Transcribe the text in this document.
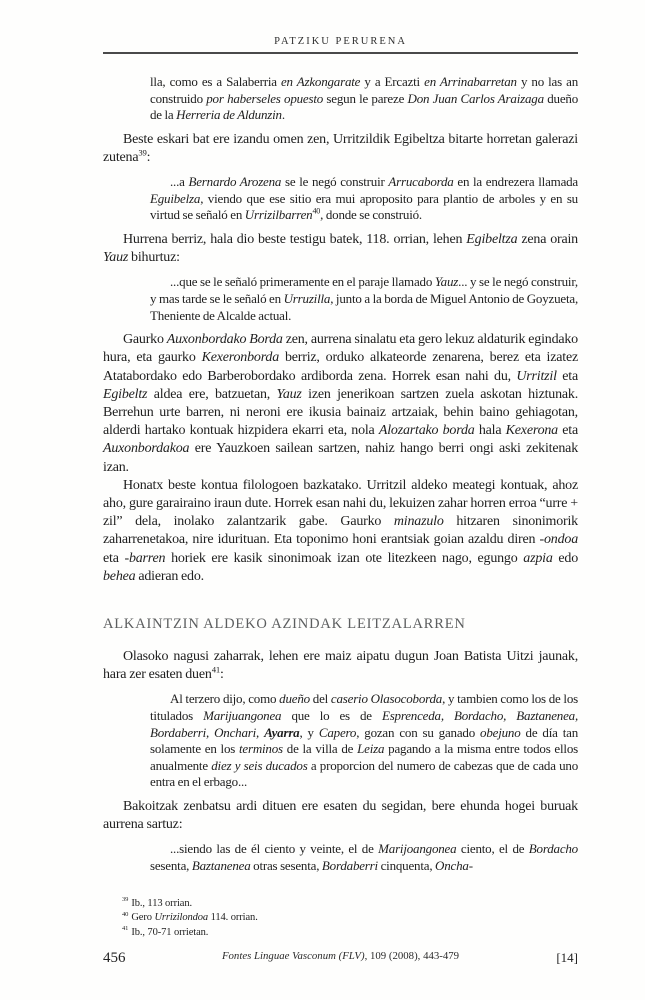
PATZIKU PERURENA

lla, como es a Salaberria en Azkongarate y a Ercazti en Arrinabarretan y no las an construido por haberseles opuesto segun le pareze Don Juan Carlos Araizaga dueño de la Herreria de Aldunzin.

Beste eskari bat ere izandu omen zen, Urritzildik Egibeltza bitarte horretan galerazi zutena$^{39}$:

...a Bernardo Arozena se le negó construir Arrucaborda en la endrezera llamada Eguibelza, viendo que ese sitio era mui aproposito para plantio de arboles y en su virtud se señaló en Urrizilbarren$^{40}$, donde se construió.

Hurrena berriz, hala dio beste testigu batek, 118. orrian, lehen Egibeltza zena orain Yauz bihurtuz:

...que se le señaló primeramente en el paraje llamado Yauz... y se le negó construir, y mas tarde se le señaló en Urruzilla, junto a la borda de Miguel Antonio de Goyzueta, Theniente de Alcalde actual.

Gaurko Auxonbordako Borda zen, aurrena sinalatu eta gero lekuz aldaturik egindako hura, eta gaurko Kexeronborda berriz, orduko alkateorde zenarena, berez eta izatez Atatabordako edo Barberobordako ardiborda zena. Horrek esan nahi du, Urritzil eta Egibeltz aldea ere, batzuetan, Yauz izen jenerikoan sartzen zuela askotan hiztunak. Berrehun urte barren, ni neroni ere ikusia bainaiz artzaiak, behin baino gehiagotan, alderdi hartako kontuak hizpidera ekarri eta, nola Alozartako borda hala Kexerona eta Auxonbordakoa ere Yauzkoen sailean sartzen, nahiz hango berri ongi aski zekitenak izan.

Honatx beste kontua filologoen bazkatako. Urritzil aldeko meategi kontuak, ahoz aho, gure garairaino iraun dute. Horrek esan nahi du, lekuizen zahar horren erroa “urre + zil” dela, inolako zalantzarik gabe. Gaurko minazulo hitzaren sinonimorik zaharrenetakoa, nire idurituan. Eta toponimo honi erantsiak goian azaldu diren -ondoa eta -barren horiek ere kasik sinonimoak izan ote litezkeen nago, egungo azpia edo behea adieran edo.

ALKAINTZIN ALDEKO AZINDAK LEITZALARREN

Olasoko nagusi zaharrak, lehen ere maiz aipatu dugun Joan Batista Uitzi jaunak, hara zer esaten duen$^{41}$:

Al terzero dijo, como dueño del caserio Olasocoborda, y tambien como los de los titulados Marijuangonea que lo es de Esprenceda, Bordacho, Baztanenea, Bordaberri, Onchari, Ayarra, y Capero, gozan con su ganado obejuno de día tan solamente en los terminos de la villa de Leiza pagando a la misma entre todos ellos anualmente diez y seis ducados a proporcion del numero de cabezas que de cada uno entra en el erbago...

Bakoitzak zenbatsu ardi dituen ere esaten du segidan, bere ehunda hogei buruak aurrena sartuz:

...siendo las de él ciento y veinte, el de Marijoangonea ciento, el de Bordacho sesenta, Baztanenea otras sesenta, Bordaberri cinquenta, Oncha-

$^{39}$ Ib., 113 orrian.

$^{40}$ Gero Urrizilondoa 114. orrian.

$^{41}$ Ib., 70-71 orrietan.

456	Fontes Linguae Vasconum (FLV), 109 (2008), 443-479	[14]
